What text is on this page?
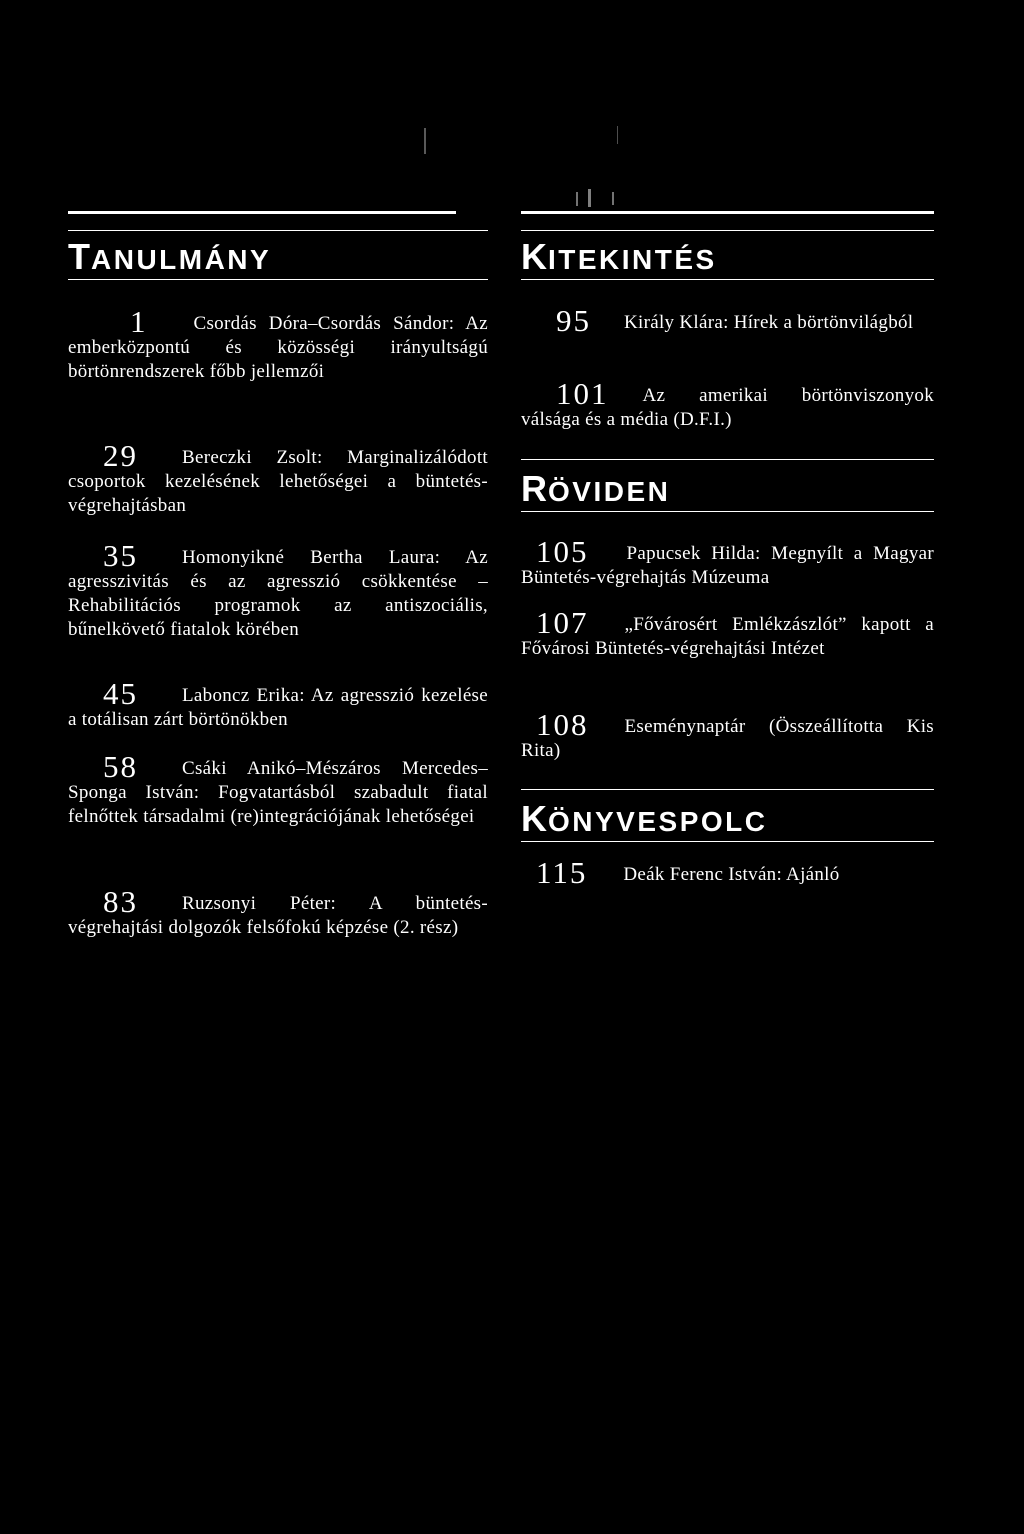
TANULMÁNY
1 Csordás Dóra–Csordás Sándor: Az emberközpontú és közösségi irányultságú börtönrendszerek főbb jellemzői
29 Bereczki Zsolt: Marginalizálódott csoportok kezelésének lehetőségei a büntetés-végrehajtásban
35 Homonyikné Bertha Laura: Az agresszivitás és az agresszió csökkentése – Rehabilitációs programok az antiszociális, bűnelkövető fiatalok körében
45 Laboncz Erika: Az agresszió kezelése a totálisan zárt börtönökben
58 Csáki Anikó–Mészáros Mercedes–Sponga István: Fogvatartásból szabadult fiatal felnőttek társadalmi (re)integrációjának lehetőségei
83 Ruzsonyi Péter: A büntetés-végrehajtási dolgozók felsőfokú képzése (2. rész)
KITEKINTÉS
95 Király Klára: Hírek a börtönvilágból
101 Az amerikai börtönviszonyok válsága és a média (D.F.I.)
RÖVIDEN
105 Papucsek Hilda: Megnyílt a Magyar Büntetés-végrehajtás Múzeuma
107 „Fővárosért Emlékzászlót” kapott a Fővárosi Büntetés-végrehajtási Intézet
108 Eseménynaptár (Összeállította Kis Rita)
KÖNYVESPOLC
115 Deák Ferenc István: Ajánló
